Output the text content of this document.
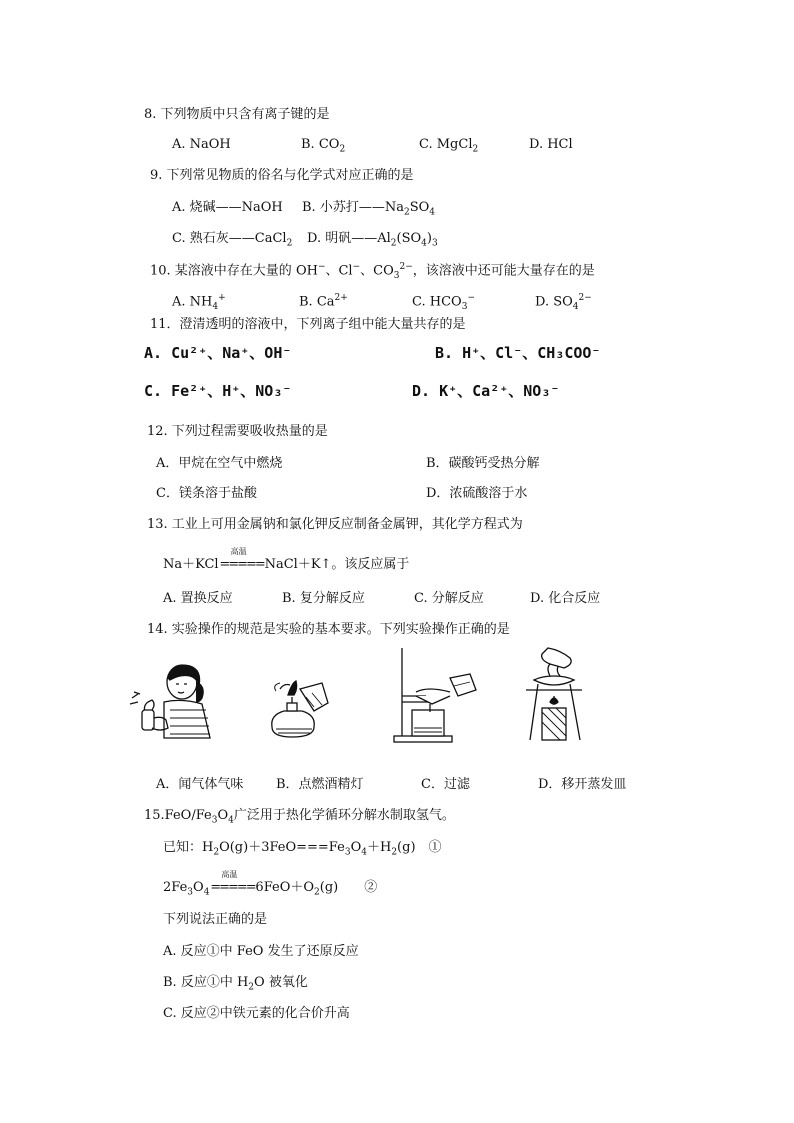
8. 下列物质中只含有离子键的是
A. NaOH	B. $CO_2$	C. MgCl$_2$	D. HCl
9. 下列常见物质的俗名与化学式对应正确的是
A. 烧碱——NaOH B. 小苏打$——Na_2SO_4$
C. 熟石灰——CaCl$_2$ D. 明矾$——Al_2(SO_4)_3$
10. 某溶液中存在大量的 OH−、Cl−、$CO_3^{2-}$，该溶液中还可能大量存在的是
A. $NH_4^+$	B. $Ca^{2+}$	C. $HCO_3^-$	D. $SO_4^{2-}$
11．澄清透明的溶液中，下列离子组中能大量共存的是
A. Cu²⁺、Na⁺、OH⁻	B. H⁺、Cl⁻、CH₃COO⁻
C. Fe²⁺、H⁺、NO₃⁻	D. K⁺、Ca²⁺、NO₃⁻
12. 下列过程需要吸收热量的是
A．甲烷在空气中燃烧	B．碳酸钙受热分解
C．镁条溶于盐酸	D．浓硫酸溶于水
13. 工业上可用金属钠和氯化钾反应制备金属钾，其化学方程式为
Na＋KCl
高温
=====NaCl＋K↑。该反应属于
A. 置换反应	B. 复分解反应	C. 分解反应	D. 化合反应
14. 实验操作的规范是实验的基本要求。下列实验操作正确的是
A．闻气体气味	B．点燃酒精灯	C．过滤	D．移开蒸发皿
$15.FeO/Fe_3O_4$广泛用于热化学循环分解水制取氢气。
已知：$H_2O(g)+3FeO===Fe_3O_4+H_2(g)$　①
$2Fe_3O_4$
高温
$=====6FeO+O_2(g)$　　②
下列说法正确的是
A. 反应①中 FeO 发生了还原反应
B. 反应①中 $H_2O$ 被氧化
C. 反应②中铁元素的化合价升高
